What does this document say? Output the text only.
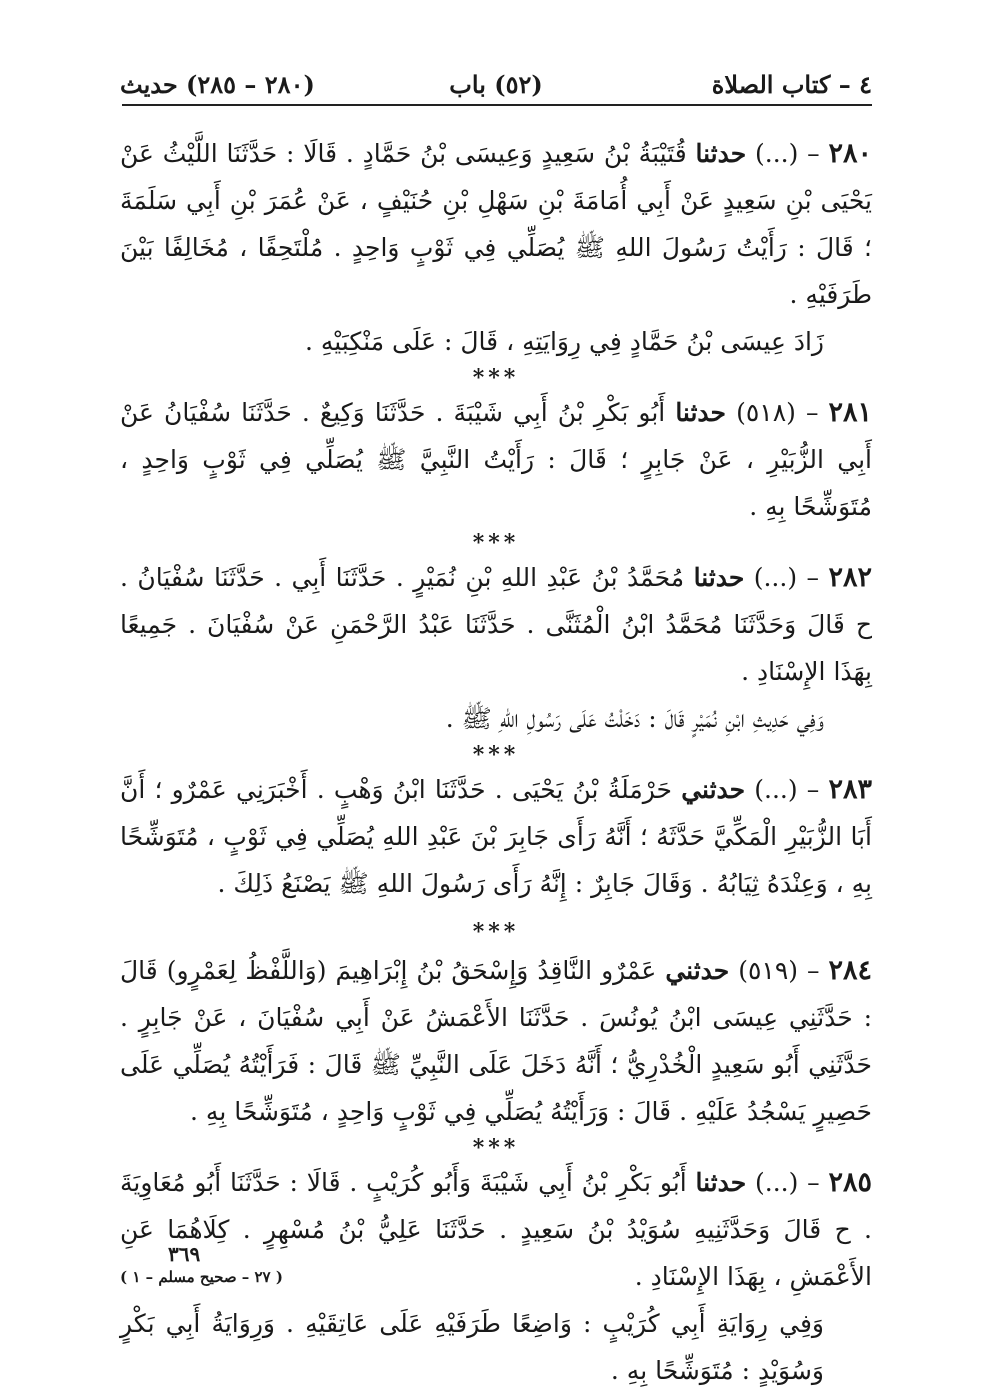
٤ – كتاب الصلاة
(٥٢) باب
(٢٨٠ – ٢٨٥) حديث

٢٨٠ – (...) حدثنا قُتَيْبَةُ بْنُ سَعِيدٍ وَعِيسَى بْنُ حَمَّادٍ . قَالَا : حَدَّثَنَا اللَّيْثُ عَنْ يَحْيَى بْنِ سَعِيدٍ عَنْ أَبِي أُمَامَةَ بْنِ سَهْلِ بْنِ حُنَيْفٍ ، عَنْ عُمَرَ بْنِ أَبِي سَلَمَةَ ؛ قَالَ : رَأَيْتُ رَسُولَ اللهِ ﷺ يُصَلِّي فِي ثَوْبٍ وَاحِدٍ . مُلْتَحِفًا ، مُخَالِفًا بَيْنَ طَرَفَيْهِ .

زَادَ عِيسَى بْنُ حَمَّادٍ فِي رِوَايَتِهِ ، قَالَ : عَلَى مَنْكِبَيْهِ .

***

٢٨١ – (٥١٨) حدثنا أَبُو بَكْرِ بْنُ أَبِي شَيْبَةَ . حَدَّثَنَا وَكِيعٌ . حَدَّثَنَا سُفْيَانُ عَنْ أَبِي الزُّبَيْرِ ، عَنْ جَابِرٍ ؛ قَالَ : رَأَيْتُ النَّبِيَّ ﷺ يُصَلِّي فِي ثَوْبٍ وَاحِدٍ ، مُتَوَشِّحًا بِهِ .

***

٢٨٢ – (...) حدثنا مُحَمَّدُ بْنُ عَبْدِ اللهِ بْنِ نُمَيْرٍ . حَدَّثَنَا أَبِي . حَدَّثَنَا سُفْيَانُ . ح قَالَ وَحَدَّثَنَا مُحَمَّدُ ابْنُ الْمُثَنَّى . حَدَّثَنَا عَبْدُ الرَّحْمَنِ عَنْ سُفْيَانَ . جَمِيعًا بِهَذَا الإِسْنَادِ .

وَفِي حَدِيثِ ابْنِ نُمَيْرٍ قَالَ : دَخَلْتُ عَلَى رَسُولِ اللهِ ﷺ .

***

٢٨٣ – (...) حدثني حَرْمَلَةُ بْنُ يَحْيَى . حَدَّثَنَا ابْنُ وَهْبٍ . أَخْبَرَنِي عَمْرٌو ؛ أَنَّ أَبَا الزُّبَيْرِ الْمَكِّيَّ حَدَّثَهُ ؛ أَنَّهُ رَأَى جَابِرَ بْنَ عَبْدِ اللهِ يُصَلِّي فِي ثَوْبٍ ، مُتَوَشِّحًا بِهِ ، وَعِنْدَهُ ثِيَابُهُ . وَقَالَ جَابِرٌ : إِنَّهُ رَأَى رَسُولَ اللهِ ﷺ يَصْنَعُ ذَلِكَ .

***

٢٨٤ – (٥١٩) حدثني عَمْرٌو النَّاقِدُ وَإِسْحَقُ بْنُ إِبْرَاهِيمَ (وَاللَّفْظُ لِعَمْرٍو) قَالَ : حَدَّثَنِي عِيسَى ابْنُ يُونُسَ . حَدَّثَنَا الأَعْمَشُ عَنْ أَبِي سُفْيَانَ ، عَنْ جَابِرٍ . حَدَّثَنِي أَبُو سَعِيدٍ الْخُدْرِيُّ ؛ أَنَّهُ دَخَلَ عَلَى النَّبِيِّ ﷺ قَالَ : فَرَأَيْتُهُ يُصَلِّي عَلَى حَصِيرٍ يَسْجُدُ عَلَيْهِ . قَالَ : وَرَأَيْتُهُ يُصَلِّي فِي ثَوْبٍ وَاحِدٍ ، مُتَوَشِّحًا بِهِ .

***

٢٨٥ – (...) حدثنا أَبُو بَكْرِ بْنُ أَبِي شَيْبَةَ وَأَبُو كُرَيْبٍ . قَالَا : حَدَّثَنَا أَبُو مُعَاوِيَةَ . ح قَالَ وَحَدَّثَنِيهِ سُوَيْدُ بْنُ سَعِيدٍ . حَدَّثَنَا عَلِيُّ بْنُ مُسْهِرٍ . كِلَاهُمَا عَنِ الأَعْمَشِ ، بِهَذَا الإِسْنَادِ .

وَفِي رِوَايَةِ أَبِي كُرَيْبٍ : وَاضِعًا طَرَفَيْهِ عَلَى عَاتِقَيْهِ . وَرِوَايَةُ أَبِي بَكْرٍ وَسُوَيْدٍ : مُتَوَشِّحًا بِهِ .

٣٦٩
( ٢٧ – صحيح مسلم – ١ )
